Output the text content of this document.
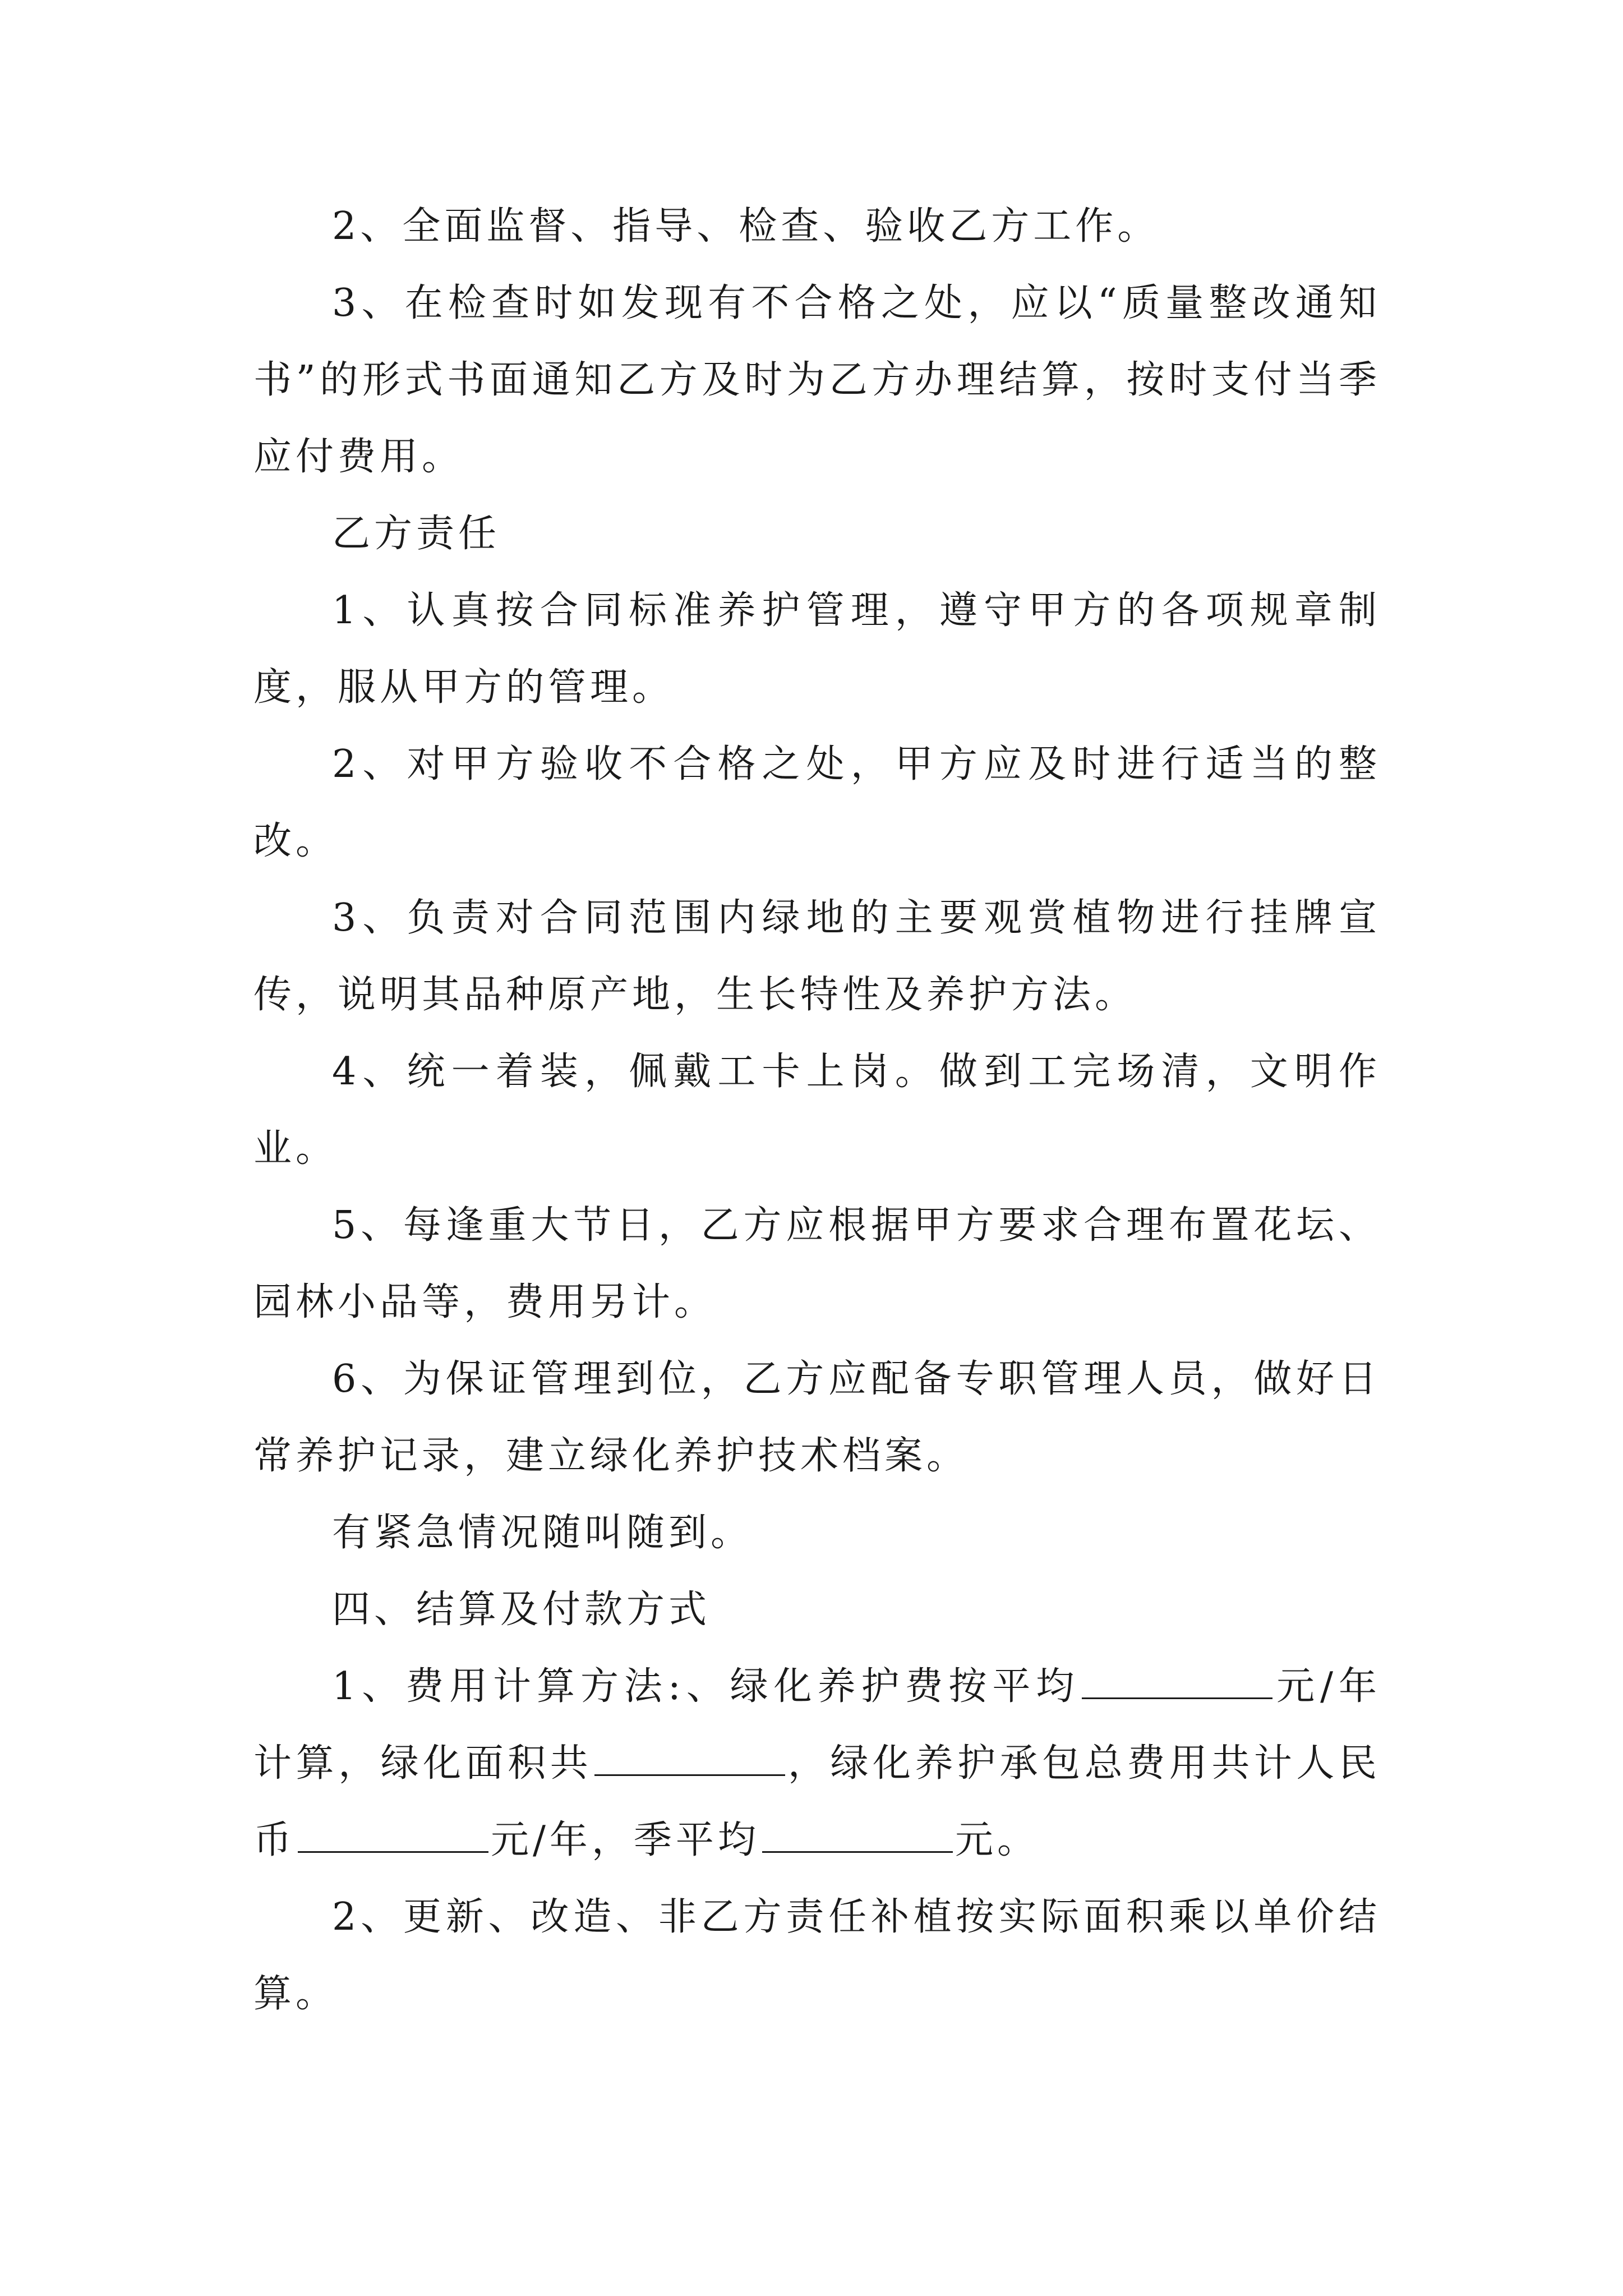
2、全面监督、指导、检查、验收乙方工作。

3、在检查时如发现有不合格之处，应以“质量整改通知书”的形式书面通知乙方及时为乙方办理结算，按时支付当季应付费用。

乙方责任

1、认真按合同标准养护管理，遵守甲方的各项规章制度，服从甲方的管理。

2、对甲方验收不合格之处，甲方应及时进行适当的整改。

3、负责对合同范围内绿地的主要观赏植物进行挂牌宣传，说明其品种原产地，生长特性及养护方法。

4、统一着装，佩戴工卡上岗。做到工完场清，文明作业。

5、每逢重大节日，乙方应根据甲方要求合理布置花坛、园林小品等，费用另计。

6、为保证管理到位，乙方应配备专职管理人员，做好日常养护记录，建立绿化养护技术档案。

有紧急情况随叫随到。

四、结算及付款方式

1、费用计算方法:、绿化养护费按平均	元/年计算，绿化面积共	，绿化养护承包总费用共计人民币	元/年，季平均	元。

2、更新、改造、非乙方责任补植按实际面积乘以单价结算。
